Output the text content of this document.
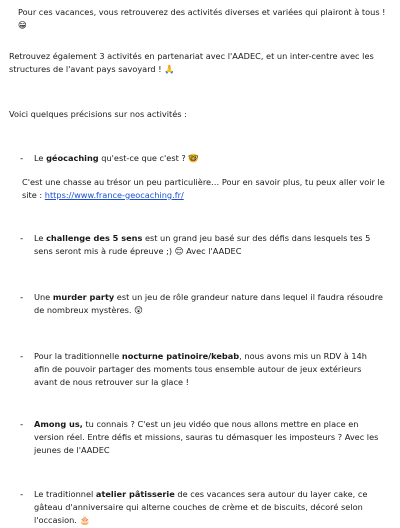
Pour ces vacances, vous retrouverez des activités diverses et variées qui plairont à tous ! 😁

Retrouvez également 3 activités en partenariat avec l'AADEC, et un inter-centre avec les structures de l'avant pays savoyard ! 🙏

Voici quelques précisions sur nos activités :

- Le géocaching qu'est-ce que c'est ? 🤓

C'est une chasse au trésor un peu particulière… Pour en savoir plus, tu peux aller voir le site : https://www.france-geocaching.fr/

- Le challenge des 5 sens est un grand jeu basé sur des défis dans lesquels tes 5 sens seront mis à rude épreuve ;) 😊 Avec l'AADEC

- Une murder party est un jeu de rôle grandeur nature dans lequel il faudra résoudre de nombreux mystères. 😲

- Pour la traditionnelle nocturne patinoire/kebab, nous avons mis un RDV à 14h afin de pouvoir partager des moments tous ensemble autour de jeux extérieurs avant de nous retrouver sur la glace !

- Among us, tu connais ? C'est un jeu vidéo que nous allons mettre en place en version réel. Entre défis et missions, sauras tu démasquer les imposteurs ? Avec les jeunes de l'AADEC

- Le traditionnel atelier pâtisserie de ces vacances sera autour du layer cake, ce gâteau d'anniversaire qui alterne couches de crème et de biscuits, décoré selon l'occasion. 🎂
